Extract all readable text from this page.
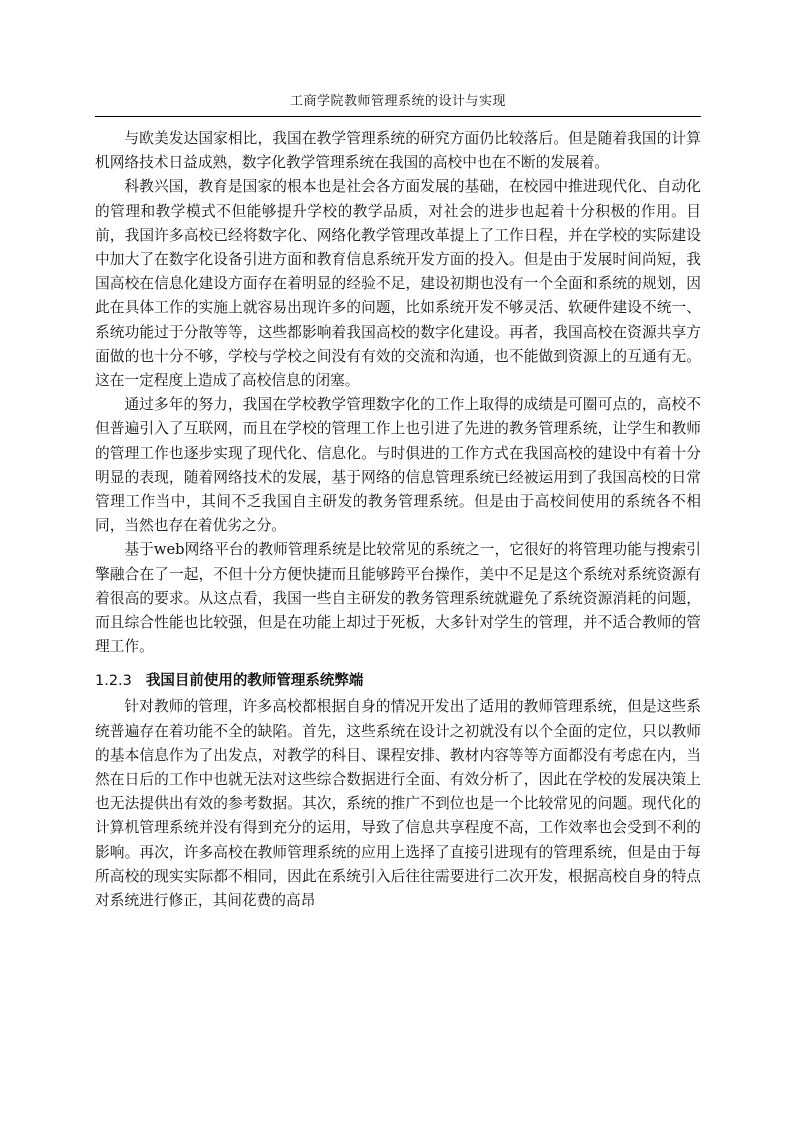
工商学院教师管理系统的设计与实现

与欧美发达国家相比，我国在教学管理系统的研究方面仍比较落后。但是随着我国的计算机网络技术日益成熟，数字化教学管理系统在我国的高校中也在不断的发展着。

科教兴国，教育是国家的根本也是社会各方面发展的基础，在校园中推进现代化、自动化的管理和教学模式不但能够提升学校的教学品质，对社会的进步也起着十分积极的作用。目前，我国许多高校已经将数字化、网络化教学管理改革提上了工作日程，并在学校的实际建设中加大了在数字化设备引进方面和教育信息系统开发方面的投入。但是由于发展时间尚短，我国高校在信息化建设方面存在着明显的经验不足，建设初期也没有一个全面和系统的规划，因此在具体工作的实施上就容易出现许多的问题，比如系统开发不够灵活、软硬件建设不统一、系统功能过于分散等等，这些都影响着我国高校的数字化建设。再者，我国高校在资源共享方面做的也十分不够，学校与学校之间没有有效的交流和沟通，也不能做到资源上的互通有无。这在一定程度上造成了高校信息的闭塞。

通过多年的努力，我国在学校教学管理数字化的工作上取得的成绩是可圈可点的，高校不但普遍引入了互联网，而且在学校的管理工作上也引进了先进的教务管理系统，让学生和教师的管理工作也逐步实现了现代化、信息化。与时俱进的工作方式在我国高校的建设中有着十分明显的表现，随着网络技术的发展，基于网络的信息管理系统已经被运用到了我国高校的日常管理工作当中，其间不乏我国自主研发的教务管理系统。但是由于高校间使用的系统各不相同，当然也存在着优劣之分。

基于web网络平台的教师管理系统是比较常见的系统之一，它很好的将管理功能与搜索引擎融合在了一起，不但十分方便快捷而且能够跨平台操作，美中不足是这个系统对系统资源有着很高的要求。从这点看，我国一些自主研发的教务管理系统就避免了系统资源消耗的问题，而且综合性能也比较强，但是在功能上却过于死板，大多针对学生的管理，并不适合教师的管理工作。

1.2.3 我国目前使用的教师管理系统弊端

针对教师的管理，许多高校都根据自身的情况开发出了适用的教师管理系统，但是这些系统普遍存在着功能不全的缺陷。首先，这些系统在设计之初就没有以个全面的定位，只以教师的基本信息作为了出发点，对教学的科目、课程安排、教材内容等等方面都没有考虑在内，当然在日后的工作中也就无法对这些综合数据进行全面、有效分析了，因此在学校的发展决策上也无法提供出有效的参考数据。其次，系统的推广不到位也是一个比较常见的问题。现代化的计算机管理系统并没有得到充分的运用，导致了信息共享程度不高，工作效率也会受到不利的影响。再次，许多高校在教师管理系统的应用上选择了直接引进现有的管理系统，但是由于每所高校的现实实际都不相同，因此在系统引入后往往需要进行二次开发，根据高校自身的特点对系统进行修正，其间花费的高昂
